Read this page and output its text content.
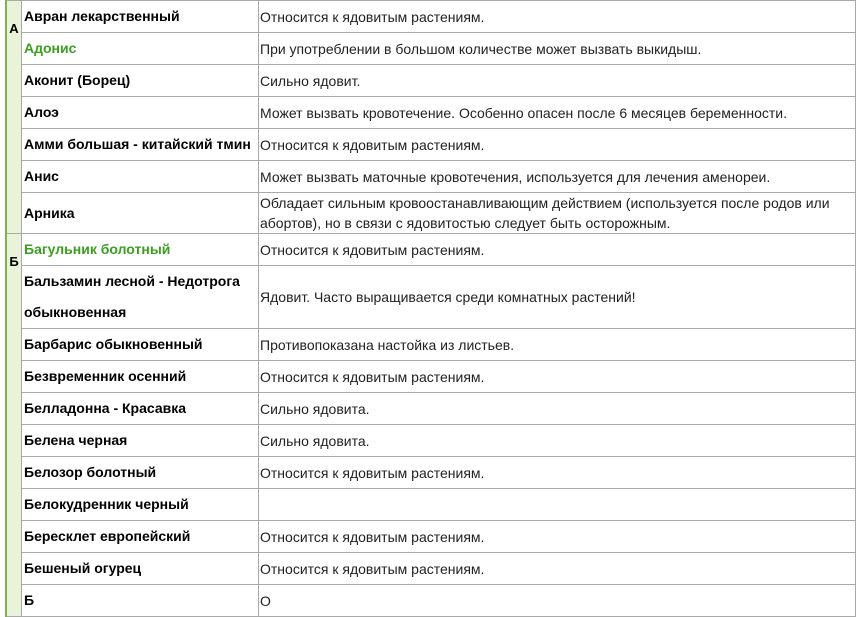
А	Авран лекарственный	Относится к ядовитым растениям.
	Адонис	При употреблении в большом количестве может вызвать выкидыш.
	Аконит (Борец)	Сильно ядовит.
	Алоэ	Может вызвать кровотечение. Особенно опасен после 6 месяцев беременности.
	Амми большая - китайский тмин	Относится к ядовитым растениям.
	Анис	Может вызвать маточные кровотечения, используется для лечения аменореи.
	Арника	Обладает сильным кровоостанавливающим действием (используется после родов или абортов), но в связи с ядовитостью следует быть осторожным.
Б	Багульник болотный	Относится к ядовитым растениям.
	Бальзамин лесной - Недотрога обыкновенная	Ядовит. Часто выращивается среди комнатных растений!
	Барбарис обыкновенный	Противопоказана настойка из листьев.
	Безвременник осенний	Относится к ядовитым растениям.
	Белладонна - Красавка	Сильно ядовита.
	Белена черная	Сильно ядовита.
	Белозор болотный	Относится к ядовитым растениям.
	Белокудренник черный	
	Бересклет европейский	Относится к ядовитым растениям.
	Бешеный огурец	Относится к ядовитым растениям.
	Б	О
